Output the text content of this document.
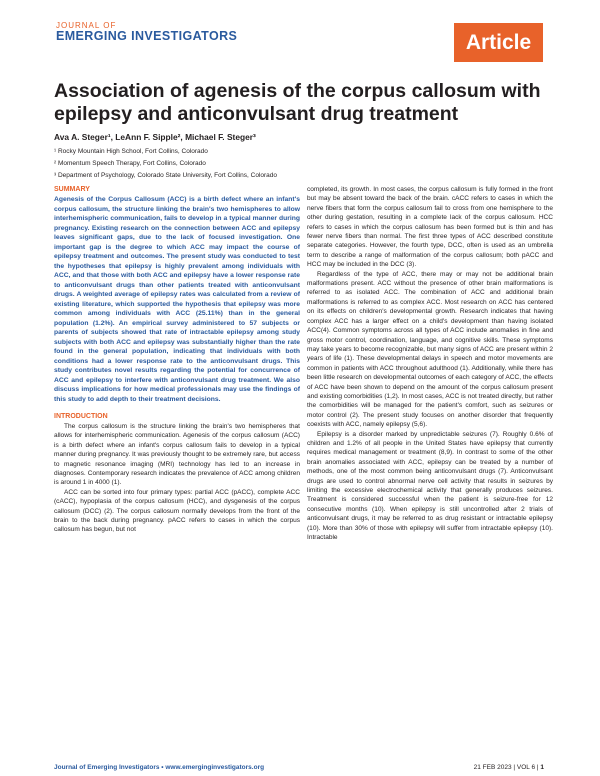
JOURNAL OF
EMERGING INVESTIGATORS	Article
Association of agenesis of the corpus callosum with epilepsy and anticonvulsant drug treatment
Ava A. Steger¹, LeAnn F. Sipple², Michael F. Steger³
¹ Rocky Mountain High School, Fort Collins, Colorado
² Momentum Speech Therapy, Fort Collins, Colorado
³ Department of Psychology, Colorado State University, Fort Collins, Colorado
SUMMARY

Agenesis of the Corpus Callosum (ACC) is a birth defect where an infant's corpus callosum, the structure linking the brain's two hemispheres to allow interhemispheric communication, fails to develop in a typical manner during pregnancy. Existing research on the connection between ACC and epilepsy leaves significant gaps, due to the lack of focused investigation. One important gap is the degree to which ACC may impact the course of epilepsy treatment and outcomes. The present study was conducted to test the hypotheses that epilepsy is highly prevalent among individuals with ACC, and that those with both ACC and epilepsy have a lower response rate to anticonvulsant drugs than other patients treated with anticonvulsant drugs. A weighted average of epilepsy rates was calculated from a review of existing literature, which supported the hypothesis that epilepsy was more common among individuals with ACC (25.11%) than in the general population (1.2%). An empirical survey administered to 57 subjects or parents of subjects showed that rate of intractable epilepsy among study subjects with both ACC and epilepsy was substantially higher than the rate found in the general population, indicating that individuals with both conditions had a lower response rate to the anticonvulsant drugs. This study contributes novel results regarding the potential for concurrence of ACC and epilepsy to interfere with anticonvulsant drug treatment. We also discuss implications for how medical professionals may use the findings of this study to add depth to their treatment decisions.

INTRODUCTION

The corpus callosum is the structure linking the brain's two hemispheres that allows for interhemispheric communication. Agenesis of the corpus callosum (ACC) is a birth defect where an infant's corpus callosum fails to develop in a typical manner during pregnancy. It was previously thought to be extremely rare, but access to magnetic resonance imaging (MRI) technology has led to an increase in diagnoses. Contemporary research indicates the prevalence of ACC among children is around 1 in 4000 (1).

ACC can be sorted into four primary types: partial ACC (pACC), complete ACC (cACC), hypoplasia of the corpus callosum (HCC), and dysgenesis of the corpus callosum (DCC) (2). The corpus callosum normally develops from the front of the brain to the back during pregnancy. pACC refers to cases in which the corpus callosum has begun, but not

completed, its growth. In most cases, the corpus callosum is fully formed in the front but may be absent toward the back of the brain. cACC refers to cases in which the nerve fibers that form the corpus callosum fail to cross from one hemisphere to the other during gestation, resulting in a complete lack of the corpus callosum. HCC refers to cases in which the corpus callosum has been formed but is thin and has fewer nerve fibers than normal. The first three types of ACC described constitute separate categories. However, the fourth type, DCC, often is used as an umbrella term to describe a range of malformation of the corpus callosum; both pACC and HCC may be included in the DCC (3).

Regardless of the type of ACC, there may or may not be additional brain malformations present. ACC without the presence of other brain malformations is referred to as isolated ACC. The combination of ACC and additional brain malformations is referred to as complex ACC. Most research on ACC has centered on its effects on children's developmental growth. Research indicates that having complex ACC has a larger effect on a child's development than having isolated ACC(4). Common symptoms across all types of ACC include anomalies in fine and gross motor control, coordination, language, and cognitive skills. These symptoms may take years to become recognizable, but many signs of ACC are present within 2 years of life (1). These developmental delays in speech and motor movements are common in patients with ACC throughout adulthood (1). Additionally, while there has been little research on developmental outcomes of each category of ACC, the effects of ACC have been shown to depend on the amount of the corpus callosum present and existing comorbidities (1,2). In most cases, ACC is not treated directly, but rather the comorbidities will be managed for the patient's comfort, such as seizures or motor control (2). The present study focuses on another disorder that frequently coexists with ACC, namely epilepsy (5,6).

Epilepsy is a disorder marked by unpredictable seizures (7). Roughly 0.6% of children and 1.2% of all people in the United States have epilepsy that currently requires medical management or treatment (8,9). In contrast to some of the other brain anomalies associated with ACC, epilepsy can be treated by a number of methods, one of the most common being anticonvulsant drugs (7). Anticonvulsant drugs are used to control abnormal nerve cell activity that results in seizures by limiting the excessive electrochemical activity that generally produces seizures. Treatment is considered successful when the patient is seizure-free for 12 consecutive months (10). When epilepsy is still uncontrolled after 2 trials of anticonvulsant drugs, it may be referred to as drug resistant or intractable epilepsy (10). More than 30% of those with epilepsy will suffer from intractable epilepsy (10). Intractable

Journal of Emerging Investigators • www.emerginginvestigators.org	21 FEB 2023 | VOL 6 | 1
